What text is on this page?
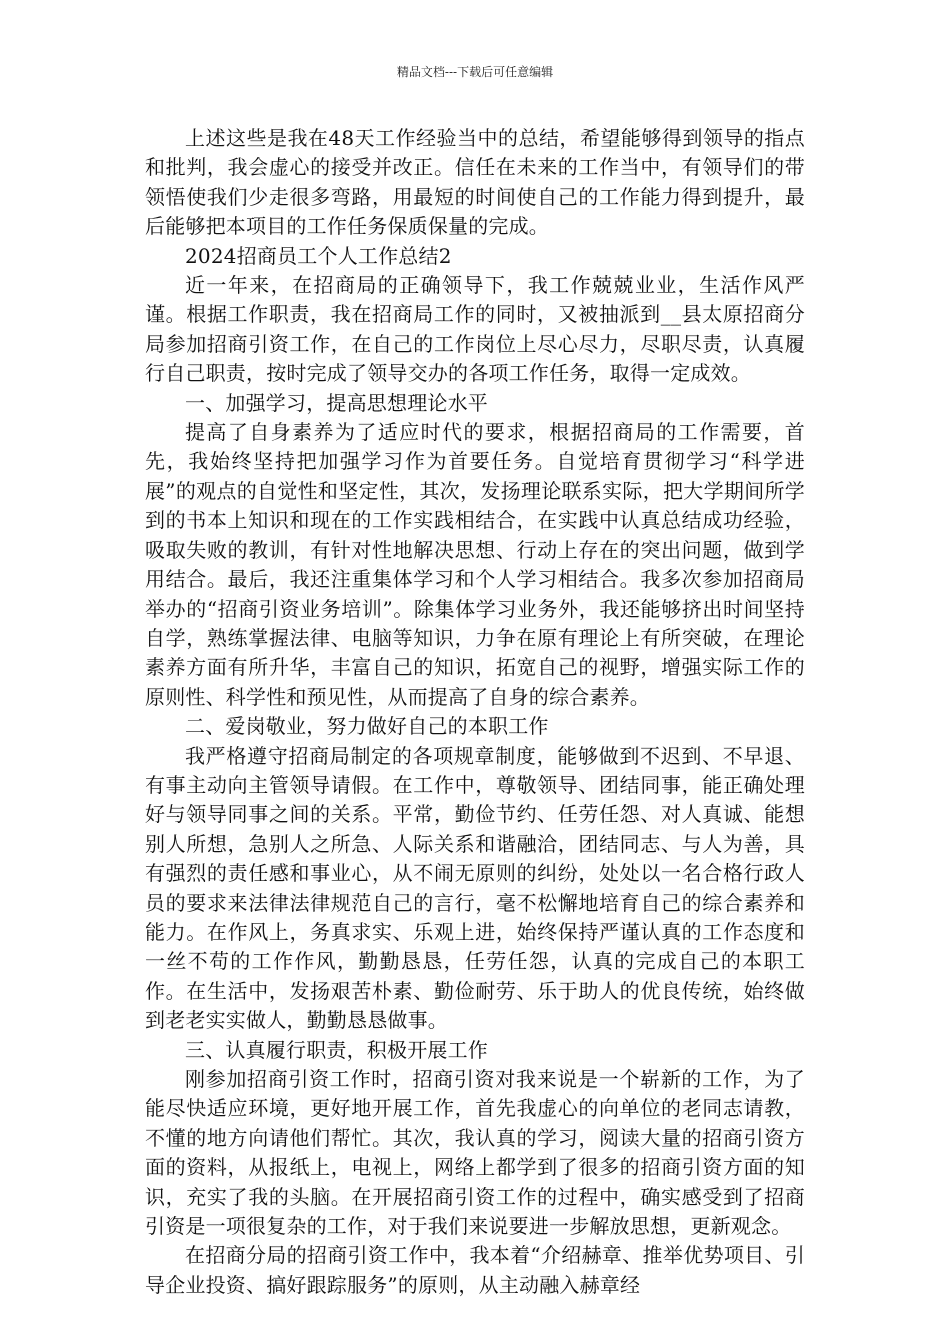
精品文档---下载后可任意编辑

上述这些是我在48天工作经验当中的总结，希望能够得到领导的指点和批判，我会虚心的接受并改正。信任在未来的工作当中，有领导们的带领悟使我们少走很多弯路，用最短的时间使自己的工作能力得到提升，最后能够把本项目的工作任务保质保量的完成。

2024招商员工个人工作总结2

近一年来，在招商局的正确领导下，我工作兢兢业业，生活作风严谨。根据工作职责，我在招商局工作的同时，又被抽派到__县太原招商分局参加招商引资工作，在自己的工作岗位上尽心尽力，尽职尽责，认真履行自己职责，按时完成了领导交办的各项工作任务，取得一定成效。

一、加强学习，提高思想理论水平

提高了自身素养为了适应时代的要求，根据招商局的工作需要，首先，我始终坚持把加强学习作为首要任务。自觉培育贯彻学习“科学进展”的观点的自觉性和坚定性，其次，发扬理论联系实际，把大学期间所学到的书本上知识和现在的工作实践相结合，在实践中认真总结成功经验，吸取失败的教训，有针对性地解决思想、行动上存在的突出问题，做到学用结合。最后，我还注重集体学习和个人学习相结合。我多次参加招商局举办的“招商引资业务培训”。除集体学习业务外，我还能够挤出时间坚持自学，熟练掌握法律、电脑等知识，力争在原有理论上有所突破，在理论素养方面有所升华，丰富自己的知识，拓宽自己的视野，增强实际工作的原则性、科学性和预见性，从而提高了自身的综合素养。

二、爱岗敬业，努力做好自己的本职工作

我严格遵守招商局制定的各项规章制度，能够做到不迟到、不早退、有事主动向主管领导请假。在工作中，尊敬领导、团结同事，能正确处理好与领导同事之间的关系。平常，勤俭节约、任劳任怨、对人真诚、能想别人所想，急别人之所急、人际关系和谐融洽，团结同志、与人为善，具有强烈的责任感和事业心，从不闹无原则的纠纷，处处以一名合格行政人员的要求来法律法律规范自己的言行，毫不松懈地培育自己的综合素养和能力。在作风上，务真求实、乐观上进，始终保持严谨认真的工作态度和一丝不苟的工作作风，勤勤恳恳，任劳任怨，认真的完成自己的本职工作。在生活中，发扬艰苦朴素、勤俭耐劳、乐于助人的优良传统，始终做到老老实实做人，勤勤恳恳做事。

三、认真履行职责，积极开展工作

刚参加招商引资工作时，招商引资对我来说是一个崭新的工作，为了能尽快适应环境，更好地开展工作，首先我虚心的向单位的老同志请教，不懂的地方向请他们帮忙。其次，我认真的学习，阅读大量的招商引资方面的资料，从报纸上，电视上，网络上都学到了很多的招商引资方面的知识，充实了我的头脑。在开展招商引资工作的过程中，确实感受到了招商引资是一项很复杂的工作，对于我们来说要进一步解放思想，更新观念。

在招商分局的招商引资工作中，我本着“介绍赫章、推举优势项目、引导企业投资、搞好跟踪服务”的原则，从主动融入赫章经
